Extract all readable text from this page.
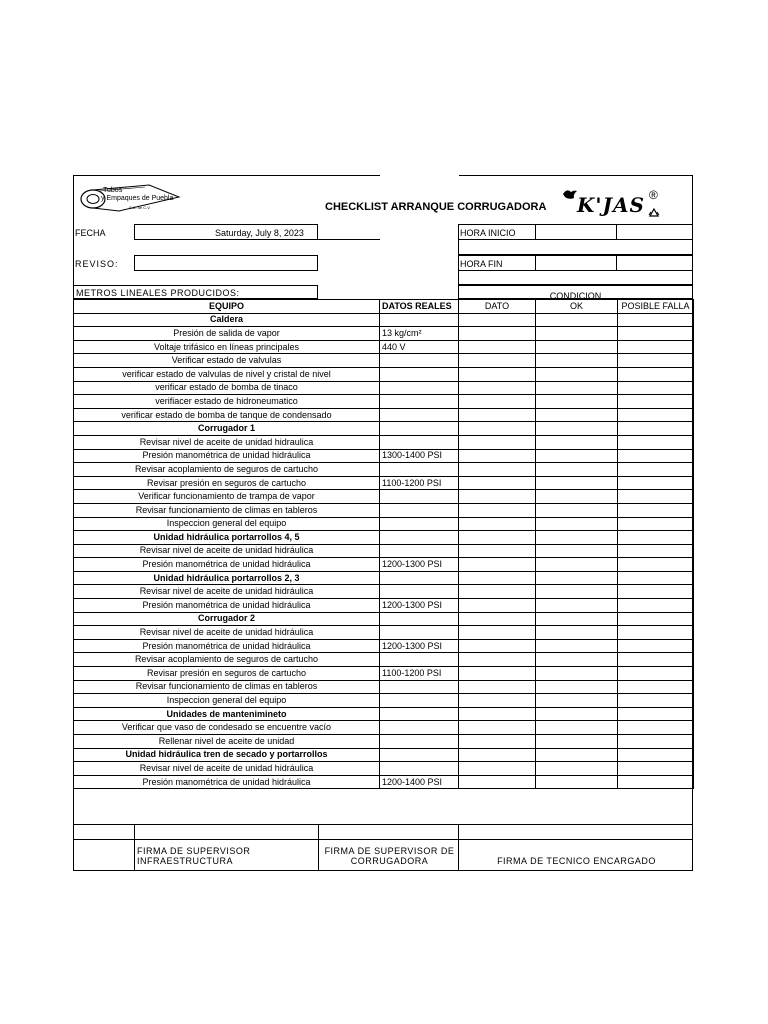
Tubos
y Empaques de Puebla
S.A. de C.V.	CHECKLIST ARRANQUE CORRUGADORA K'JAS ®
FECHA	Saturday, July 8, 2023	HORA INICIO
REVISO:	HORA FIN
METROS LINEALES PRODUCIDOS:	CONDICION
EQUIPO	DATOS REALES	DATO	OK	POSIBLE FALLA
Caldera				
Presión de salida de vapor	13 kg/cm²			
Voltaje trifásico en líneas principales	440 V			
Verificar estado de valvulas				
verificar estado de valvulas de nivel y cristal de nivel				
verificar estado de bomba de tinaco				
verifiacer estado de hidroneumatico				
verificar estado de bomba de tanque de condensado				
Corrugador 1				
Revisar nivel de aceite de unidad hidraulica				
Presión manométrica de unidad hidráulica	1300-1400 PSI			
Revisar acoplamiento de seguros de cartucho				
Revisar presión en seguros de cartucho	1100-1200 PSI			
Verificar funcionamiento de trampa de vapor				
Revisar funcionamiento de climas en tableros				
Inspeccion general del equipo				
Unidad hidráulica portarrollos 4, 5				
Revisar nivel de aceite de unidad hidráulica				
Presión manométrica de unidad hidráulica	1200-1300 PSI			
Unidad hidráulica portarrollos 2, 3				
Revisar nivel de aceite de unidad hidráulica				
Presión manométrica de unidad hidráulica	1200-1300 PSI			
Corrugador 2				
Revisar nivel de aceite de unidad hidráulica				
Presión manométrica de unidad hidráulica	1200-1300 PSI			
Revisar acoplamiento de seguros de cartucho				
Revisar presión en seguros de cartucho	1100-1200 PSI			
Revisar funcionamiento de climas en tableros				
Inspeccion general del equipo				
Unidades de mantenimineto				
Verificar que vaso de condesado se encuentre vacío				
Rellenar nivel de aceite de unidad				
Unidad hidráulica tren de secado y portarrollos				
Revisar nivel de aceite de unidad hidráulica				
Presión manométrica de unidad hidráulica	1200-1400 PSI			
FIRMA DE SUPERVISOR
INFRAESTRUCTURA
FIRMA DE SUPERVISOR DE
CORRUGADORA	FIRMA DE TECNICO ENCARGADO
